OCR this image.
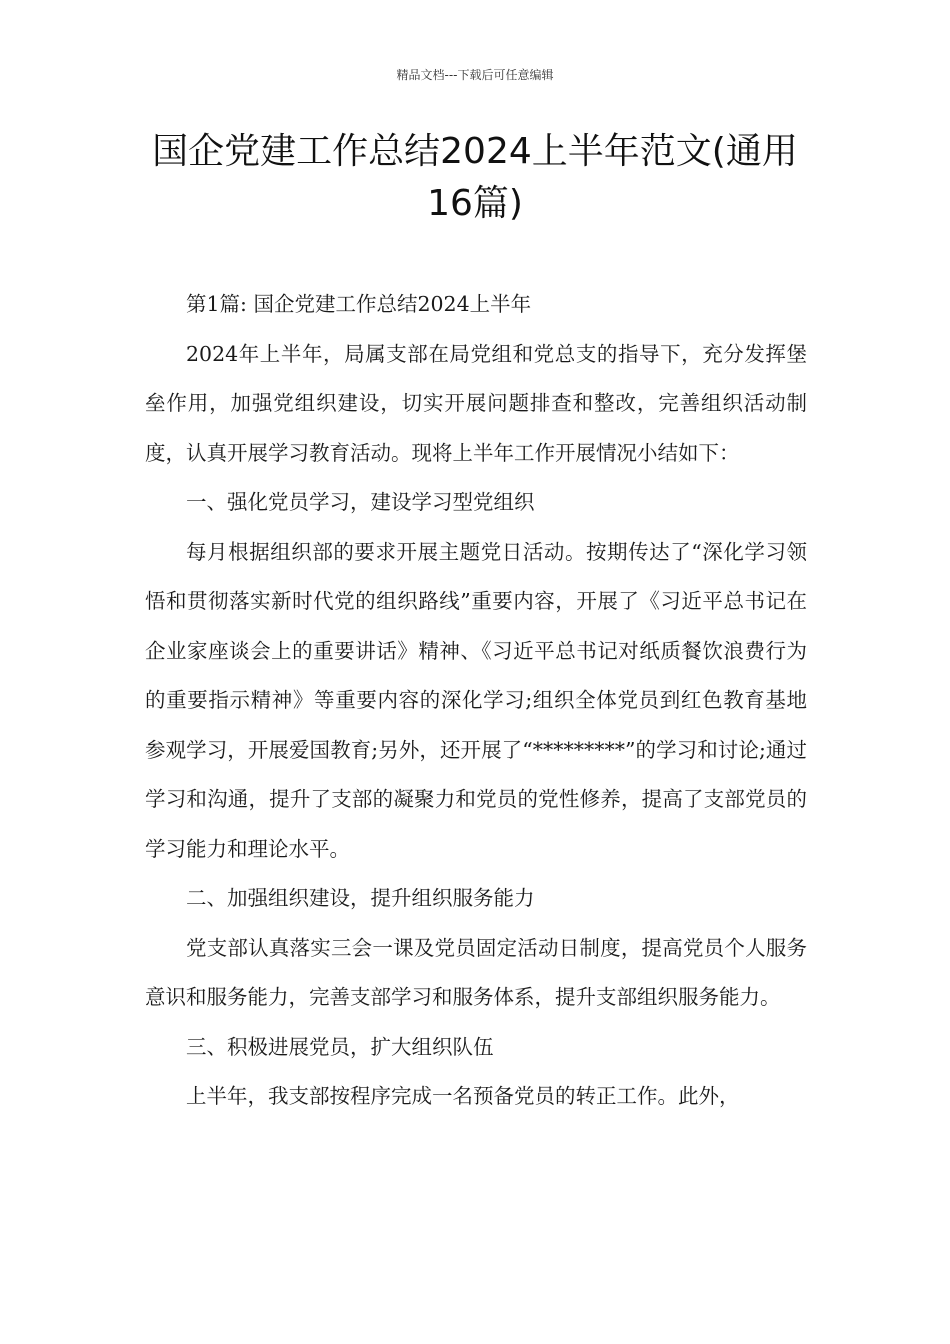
精品文档---下载后可任意编辑
国企党建工作总结2024上半年范文(通用16篇)

第1篇: 国企党建工作总结2024上半年

2024年上半年，局属支部在局党组和党总支的指导下，充分发挥堡垒作用，加强党组织建设，切实开展问题排查和整改，完善组织活动制度，认真开展学习教育活动。现将上半年工作开展情况小结如下：

一、强化党员学习，建设学习型党组织

每月根据组织部的要求开展主题党日活动。按期传达了“深化学习领悟和贯彻落实新时代党的组织路线”重要内容，开展了《习近平总书记在企业家座谈会上的重要讲话》精神、《习近平总书记对纸质餐饮浪费行为的重要指示精神》等重要内容的深化学习;组织全体党员到红色教育基地参观学习，开展爱国教育;另外，还开展了“*********”的学习和讨论;通过学习和沟通，提升了支部的凝聚力和党员的党性修养，提高了支部党员的学习能力和理论水平。

二、加强组织建设，提升组织服务能力

党支部认真落实三会一课及党员固定活动日制度，提高党员个人服务意识和服务能力，完善支部学习和服务体系，提升支部组织服务能力。

三、积极进展党员，扩大组织队伍

上半年，我支部按程序完成一名预备党员的转正工作。此外，
